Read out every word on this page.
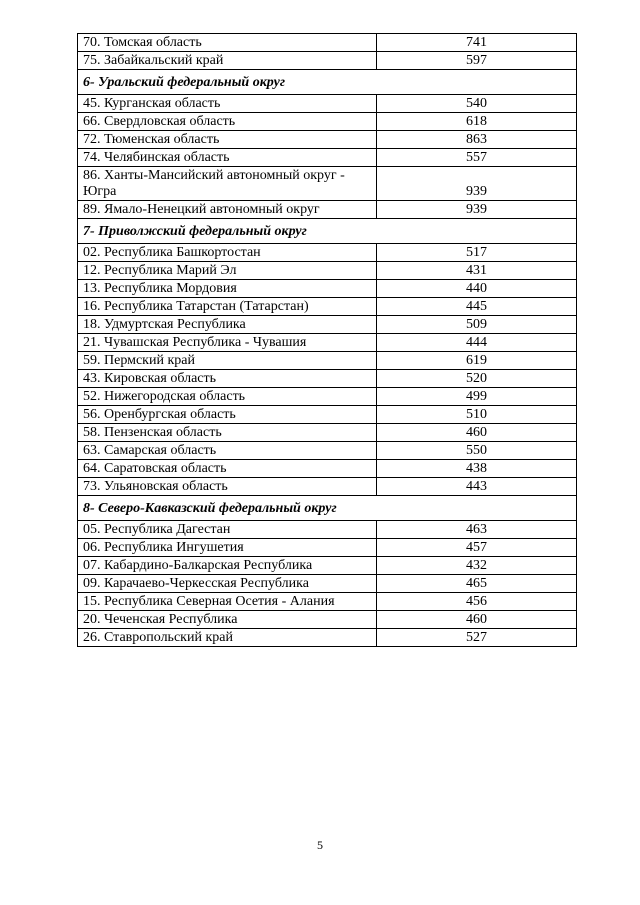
70. Томская область	741
75. Забайкальский край	597
6- Уральский федеральный округ	
45. Курганская область	540
66. Свердловская область	618
72. Тюменская область	863
74. Челябинская область	557
86. Ханты-Мансийский автономный округ - Югра	939
89. Ямало-Ненецкий автономный округ	939
7- Приволжский федеральный округ	
02. Республика Башкортостан	517
12. Республика Марий Эл	431
13. Республика Мордовия	440
16. Республика Татарстан (Татарстан)	445
18. Удмуртская Республика	509
21. Чувашская Республика - Чувашия	444
59. Пермский край	619
43. Кировская область	520
52. Нижегородская область	499
56. Оренбургская область	510
58. Пензенская область	460
63. Самарская область	550
64. Саратовская область	438
73. Ульяновская область	443
8- Северо-Кавказский федеральный округ	
05. Республика Дагестан	463
06. Республика Ингушетия	457
07. Кабардино-Балкарская Республика	432
09. Карачаево-Черкесская Республика	465
15. Республика Северная Осетия - Алания	456
20. Чеченская Республика	460
26. Ставропольский край	527
5
